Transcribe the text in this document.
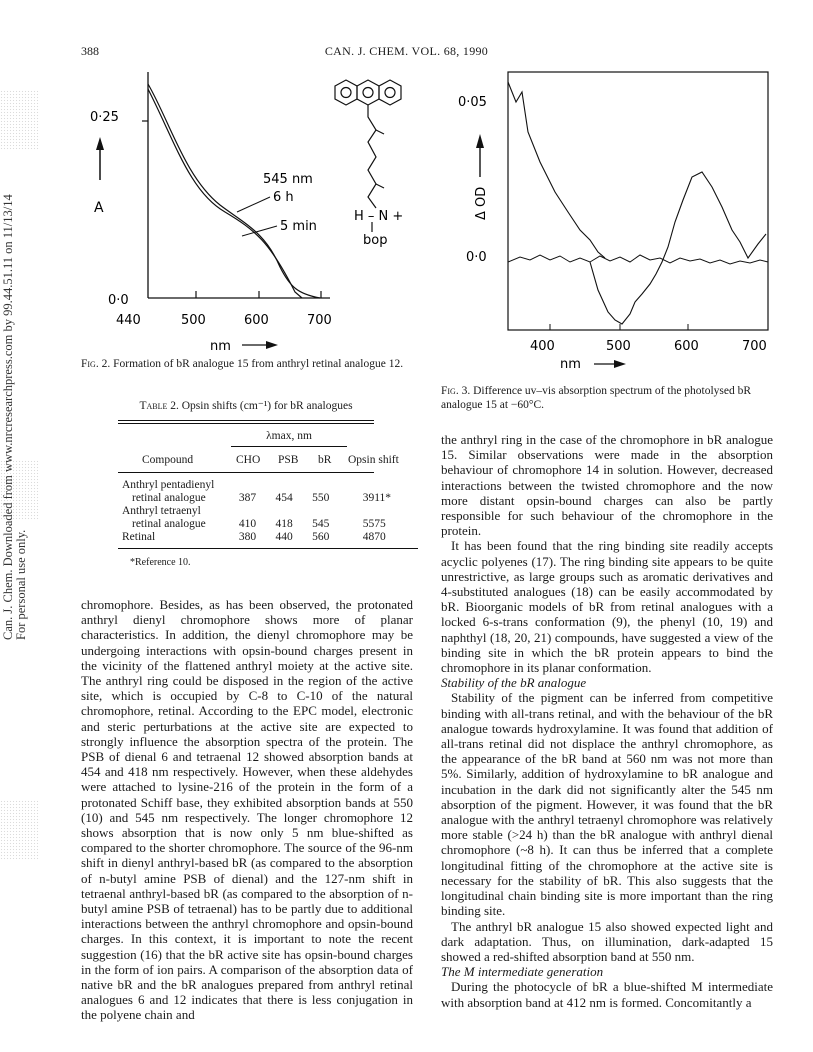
Can. J. Chem. Downloaded from www.nrcresearchpress.com by 99.44.51.11 on 11/13/14
For personal use only.
388	CAN. J. CHEM. VOL. 68, 1990
0·25
0·0
A
440	500	600	700
nm
545 nm
6 h
5 min
H – N +
bop
Fig. 2. Formation of bR analogue 15 from anthryl retinal analogue 12.
Table 2. Opsin shifts (cm⁻¹) for bR analogues
λmax, nm
Compound	CHO PSB bR Opsin shift
Anthryl pentadienyl				
retinal analogue	387	454	550	3911*
Anthryl tetraenyl				
retinal analogue	410	418	545	5575
Retinal	380	440	560	4870
*Reference 10.
0·05
0·0
Δ OD
400	500	600	700
nm
Fig. 3. Difference uv–vis absorption spectrum of the photolysed bR analogue 15 at −60°C.

chromophore. Besides, as has been observed, the protonated anthryl dienyl chromophore shows more of planar characteristics. In addition, the dienyl chromophore may be undergoing interactions with opsin-bound charges present in the vicinity of the flattened anthryl moiety at the active site. The anthryl ring could be disposed in the region of the active site, which is occupied by C-8 to C-10 of the natural chromophore, retinal. According to the EPC model, electronic and steric perturbations at the active site are expected to strongly influence the absorption spectra of the protein. The PSB of dienal 6 and tetraenal 12 showed absorption bands at 454 and 418 nm respectively. However, when these aldehydes were attached to lysine-216 of the protein in the form of a protonated Schiff base, they exhibited absorption bands at 550 (10) and 545 nm respectively. The longer chromophore 12 shows absorption that is now only 5 nm blue-shifted as compared to the shorter chromophore. The source of the 96-nm shift in dienyl anthryl-based bR (as compared to the absorption of n-butyl amine PSB of dienal) and the 127-nm shift in tetraenal anthryl-based bR (as compared to the absorption of n-butyl amine PSB of tetraenal) has to be partly due to additional interactions between the anthryl chromophore and opsin-bound charges. In this context, it is important to note the recent suggestion (16) that the bR active site has opsin-bound charges in the form of ion pairs. A comparison of the absorption data of native bR and the bR analogues prepared from anthryl retinal analogues 6 and 12 indicates that there is less conjugation in the polyene chain and

the anthryl ring in the case of the chromophore in bR analogue 15. Similar observations were made in the absorption behaviour of chromophore 14 in solution. However, decreased interactions between the twisted chromophore and the now more distant opsin-bound charges can also be partly responsible for such behaviour of the chromophore in the protein.

It has been found that the ring binding site readily accepts acyclic polyenes (17). The ring binding site appears to be quite unrestrictive, as large groups such as aromatic derivatives and 4-substituted analogues (18) can be easily accommodated by bR. Bioorganic models of bR from retinal analogues with a locked 6-s-trans conformation (9), the phenyl (10, 19) and naphthyl (18, 20, 21) compounds, have suggested a view of the binding site in which the bR protein appears to bind the chromophore in its planar conformation.

Stability of the bR analogue

Stability of the pigment can be inferred from competitive binding with all-trans retinal, and with the behaviour of the bR analogue towards hydroxylamine. It was found that addition of all-trans retinal did not displace the anthryl chromophore, as the appearance of the bR band at 560 nm was not more than 5%. Similarly, addition of hydroxylamine to bR analogue and incubation in the dark did not significantly alter the 545 nm absorption of the pigment. However, it was found that the bR analogue with the anthryl tetraenyl chromophore was relatively more stable (>24 h) than the bR analogue with anthryl dienal chromophore (~8 h). It can thus be inferred that a complete longitudinal fitting of the chromophore at the active site is necessary for the stability of bR. This also suggests that the longitudinal chain binding site is more important than the ring binding site.

The anthryl bR analogue 15 also showed expected light and dark adaptation. Thus, on illumination, dark-adapted 15 showed a red-shifted absorption band at 550 nm.

The M intermediate generation

During the photocycle of bR a blue-shifted M intermediate with absorption band at 412 nm is formed. Concomitantly a
